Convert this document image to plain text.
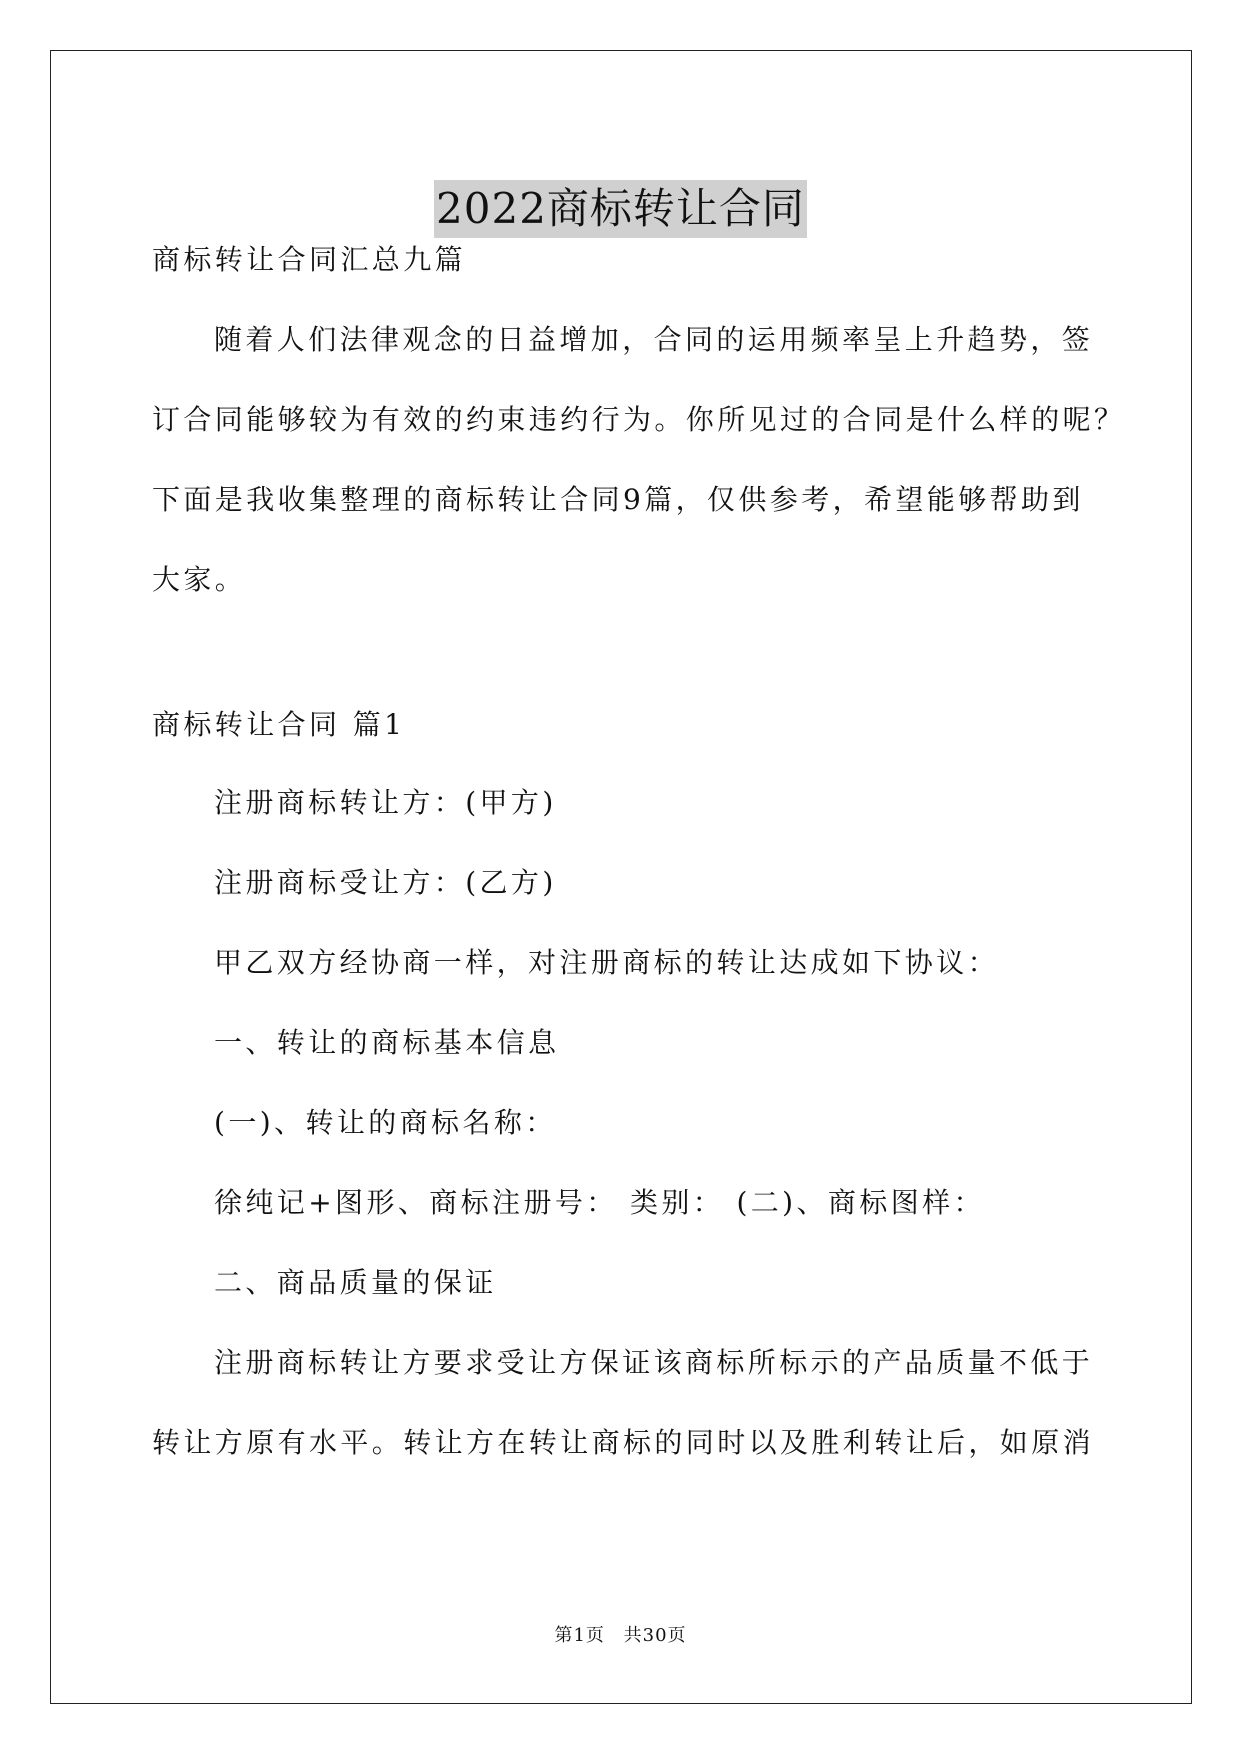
2022商标转让合同
商标转让合同汇总九篇
随着人们法律观念的日益增加，合同的运用频率呈上升趋势，签
订合同能够较为有效的约束违约行为。你所见过的合同是什么样的呢？
下面是我收集整理的商标转让合同9篇，仅供参考，希望能够帮助到
大家。
商标转让合同 篇1
注册商标转让方：(甲方)
注册商标受让方：(乙方)
甲乙双方经协商一样，对注册商标的转让达成如下协议：
一、转让的商标基本信息
(一)、转让的商标名称：
徐纯记+图形、商标注册号： 类别： (二)、商标图样：
二、商品质量的保证
注册商标转让方要求受让方保证该商标所标示的产品质量不低于
转让方原有水平。转让方在转让商标的同时以及胜利转让后，如原消
第1页 共30页
